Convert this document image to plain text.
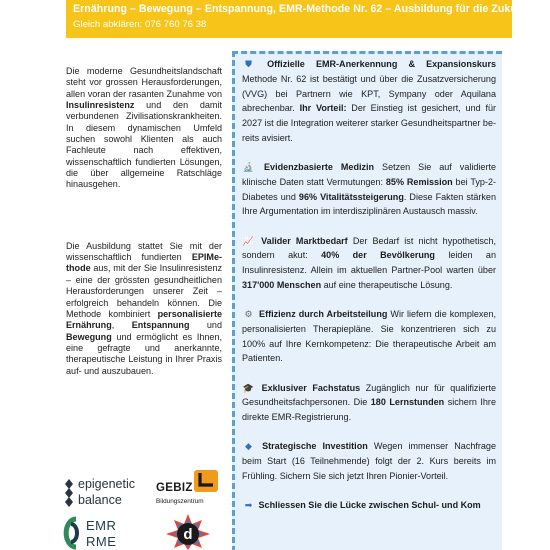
Ernährung – Bewegung – Entspannung, EMR-Methode Nr. 62 – Ausbildung für die Zukunft.
Gleich abklären: 076 760 76 38

Die moderne Gesundheitslandschaft steht vor grossen Herausforderungen, allen voran der rasanten Zunahme von Insulinresistenz und den damit verbundenen Zivilisationskrankheiten. In diesem dynamischen Umfeld suchen sowohl Klienten als auch Fachleute nach effektiven, wissenschaftlich fundierten Lösungen, die über allgemeine Ratschläge hinausgehen.

Die Ausbildung stattet Sie mit der wissenschaftlich fundierten EPIMethode aus, mit der Sie Insulinresistenz – eine der grössten gesundheitlichen Herausforderungen unserer Zeit – erfolgreich behandeln können. Die Methode kombiniert personalisierte Ernährung, Entspannung und Bewegung und ermöglicht es Ihnen, eine gefragte und anerkannte, therapeutische Leistung in Ihrer Praxis auf- und auszubauen.

⛊ Offizielle EMR-Anerkennung & Expansionskurs Methode Nr. 62 ist bestätigt und über die Zusatzversicherung (VVG) bei Partnern wie KPT, Sympany oder Aquilana abrechenbar. Ihr Vorteil: Der Einstieg ist gesichert, und für 2027 ist die Integration weiterer starker Gesundheitspartner bereits avisiert.
🔬 Evidenzbasierte Medizin Setzen Sie auf validierte klinische Daten statt Vermutungen: 85% Remission bei Typ-2-Diabetes und 96% Vitalitätssteigerung. Diese Fakten stärken Ihre Argumentation im interdisziplinären Austausch massiv.
📈 Valider Marktbedarf Der Bedarf ist nicht hypothetisch, sondern akut: 40% der Bevölkerung leiden an Insulinresistenz. Allein im aktuellen Partner-Pool warten über 317'000 Menschen auf eine therapeutische Lösung.
⚙ Effizienz durch Arbeitsteilung Wir liefern die komplexen, personalisierten Therapiepläne. Sie konzentrieren sich zu 100% auf Ihre Kernkompetenz: Die therapeutische Arbeit am Patienten.
🎓 Exklusiver Fachstatus Zugänglich nur für qualifizierte Gesundheitsfachpersonen. Die 180 Lernstunden sichern Ihre direkte EMR-Registrierung.
◆ Strategische Investition Wegen immenser Nachfrage beim Start (16 Teilnehmende) folgt der 2. Kurs bereits im Frühling. Sichern Sie sich jetzt Ihren Pionier-Vorteil.
➡ Schliessen Sie die Lücke zwischen Schul- und Kom
epigenetic
balance
GEBIZ
Bildungszentrum
EMR
RME	d
